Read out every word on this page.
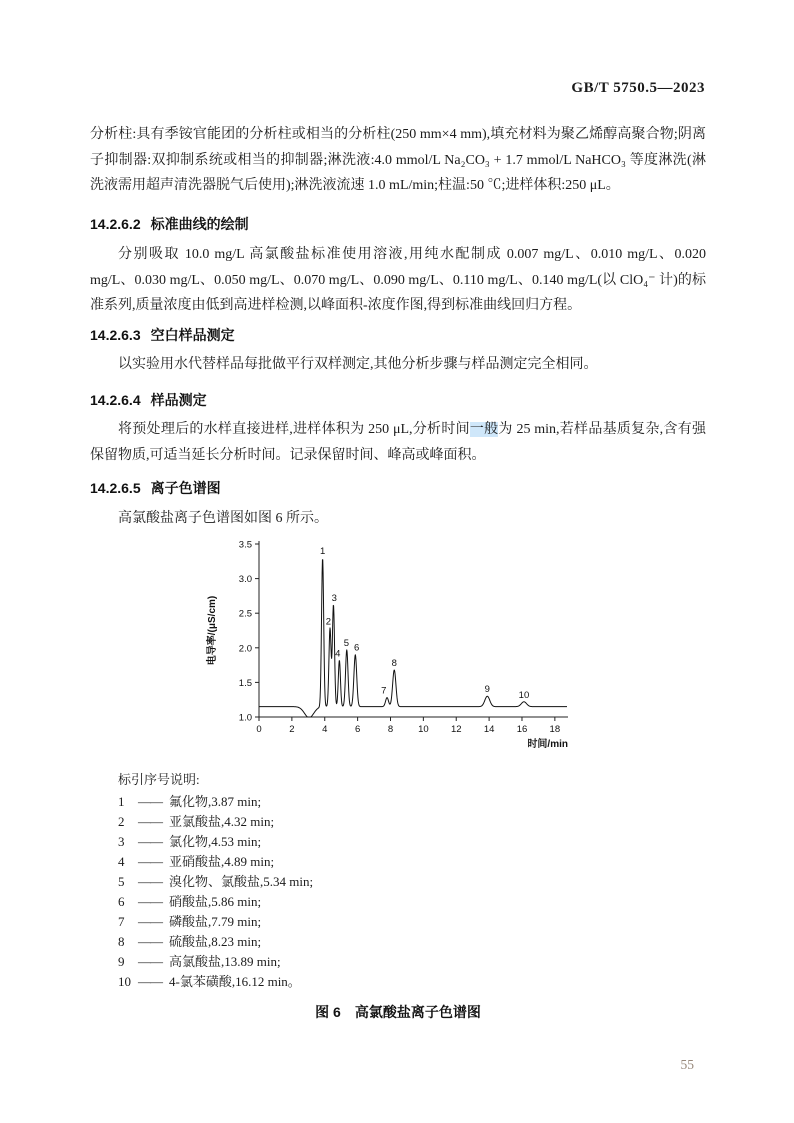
GB/T 5750.5—2023

分析柱:具有季铵官能团的分析柱或相当的分析柱(250 mm×4 mm),填充材料为聚乙烯醇高聚合物;阴离子抑制器:双抑制系统或相当的抑制器;淋洗液:4.0 mmol/L Na₂CO₃ + 1.7 mmol/L NaHCO₃ 等度淋洗(淋洗液需用超声清洗器脱气后使用);淋洗液流速 1.0 mL/min;柱温:50 ℃;进样体积:250 μL。

14.2.6.2 标准曲线的绘制

分别吸取 10.0 mg/L 高氯酸盐标准使用溶液,用纯水配制成 0.007 mg/L、0.010 mg/L、0.020 mg/L、0.030 mg/L、0.050 mg/L、0.070 mg/L、0.090 mg/L、0.110 mg/L、0.140 mg/L(以 ClO₄⁻ 计)的标准系列,质量浓度由低到高进样检测,以峰面积-浓度作图,得到标准曲线回归方程。

14.2.6.3 空白样品测定

以实验用水代替样品每批做平行双样测定,其他分析步骤与样品测定完全相同。

14.2.6.4 样品测定

将预处理后的水样直接进样,进样体积为 250 μL,分析时间一般为 25 min,若样品基质复杂,含有强保留物质,可适当延长分析时间。记录保留时间、峰高或峰面积。

14.2.6.5 离子色谱图

高氯酸盐离子色谱图如图 6 所示。

1.0
1.5
2.0
2.5
3.0
3.5
0	2	4	6	8	10 12 14 16 18
电导率/(μS/cm)
时间/min
1
2
3
4
5 6
7
8
9
10
标引序号说明:
1	—— 氟化物,3.87 min;
2	—— 亚氯酸盐,4.32 min;
3	—— 氯化物,4.53 min;
4	—— 亚硝酸盐,4.89 min;
5	—— 溴化物、氯酸盐,5.34 min;
6	—— 硝酸盐,5.86 min;
7	—— 磷酸盐,7.79 min;
8	—— 硫酸盐,8.23 min;
9	—— 高氯酸盐,13.89 min;
10 —— 4-氯苯磺酸,16.12 min。
图 6 高氯酸盐离子色谱图
55
